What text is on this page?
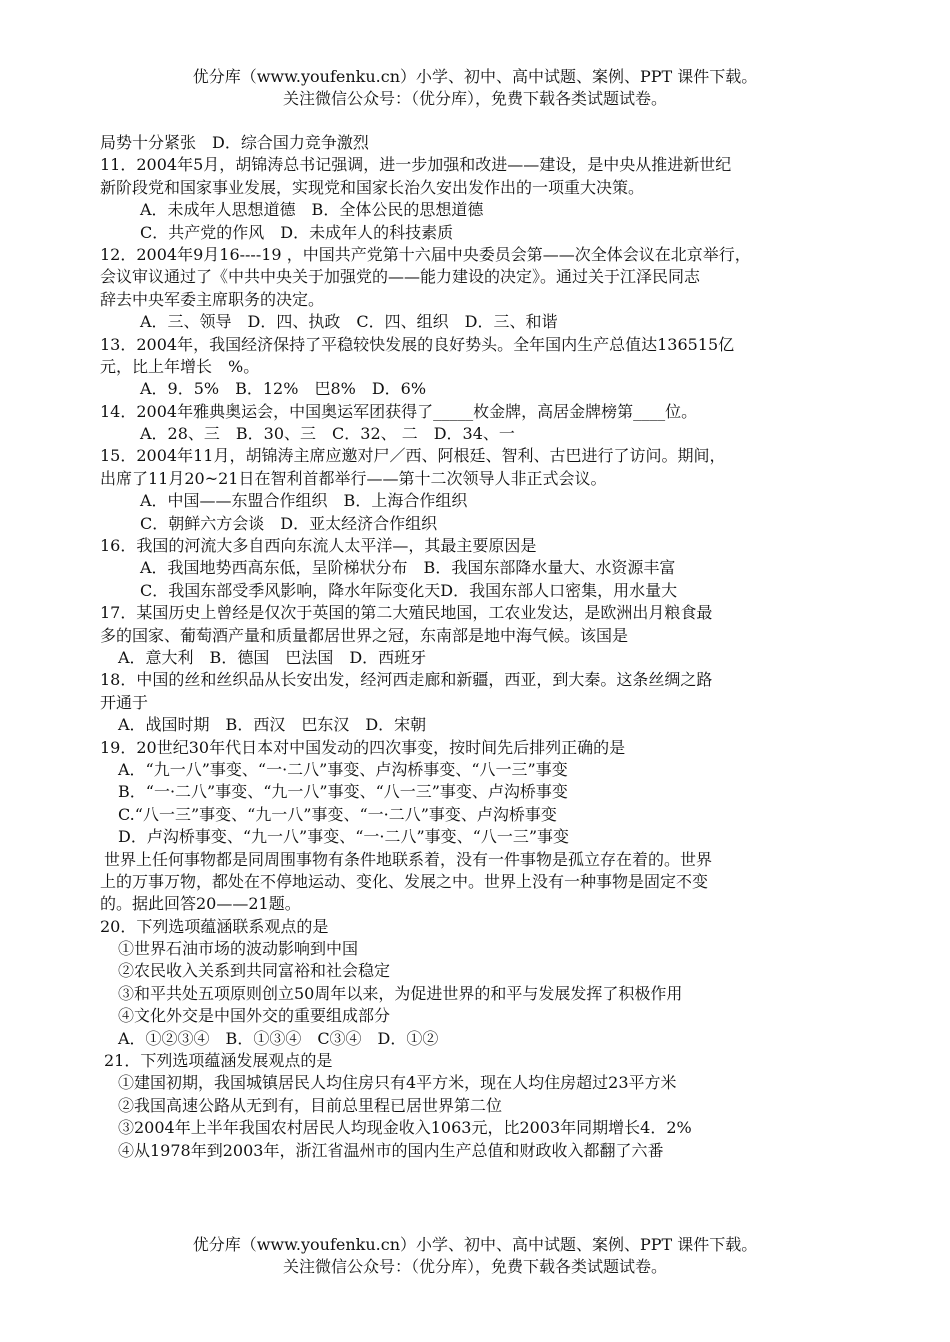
优分库（www.youfenku.cn）小学、初中、高中试题、案例、PPT 课件下载。
关注微信公众号：（优分库），免费下载各类试题试卷。
局势十分紧张　D．综合国力竞争激烈
11．2004年5月，胡锦涛总书记强调，进一步加强和改进——建设，是中央从推进新世纪
新阶段党和国家事业发展，实现党和国家长治久安出发作出的一项重大决策。
A．未成年人思想道德　B．全体公民的思想道德
C．共产党的作风　D．未成年人的科技素质
12．2004年9月16----19 ，中国共产党第十六届中央委员会第——次全体会议在北京举行，
会议审议通过了《中共中央关于加强党的——能力建设的决定》。通过关于江泽民同志
辞去中央军委主席职务的决定。
A．三、领导　D．四、执政　C．四、组织　D．三、和谐
13．2004年，我国经济保持了平稳较快发展的良好势头。全年国内生产总值达136515亿
元，比上年增长　%。
A．9．5%　B．12%　巴8%　D．6%
14．2004年雅典奥运会，中国奥运军团获得了_____枚金牌，高居金牌榜第____位。
A．28、三　B．30、三　C．32、 二　D．34、一
15．2004年11月，胡锦涛主席应邀对尸／西、阿根廷、智利、古巴进行了访问。期间，
出席了11月20~21日在智利首都举行——第十二次领导人非正式会议。
A．中国——东盟合作组织　B．上海合作组织
C．朝鲜六方会谈　D．亚太经济合作组织
16．我国的河流大多自西向东流人太平洋—，其最主要原因是
A．我国地势西高东低，呈阶梯状分布　B．我国东部降水量大、水资源丰富
C．我国东部受季风影响，降水年际变化天D．我国东部人口密集，用水量大
17．某国历史上曾经是仅次于英国的第二大殖民地国，工农业发达，是欧洲出月粮食最
多的国家、葡萄酒产量和质量都居世界之冠，东南部是地中海气候。该国是
A．意大利　B．德国　巴法国　D．西班牙
18．中国的丝和丝织品从长安出发，经河西走廊和新疆，西亚，到大秦。这条丝绸之路
开通于
A．战国时期　B．西汉　巴东汉　D．宋朝
19．20世纪30年代日本对中国发动的四次事变，按时间先后排列正确的是
A．“九一八”事变、“一·二八”事变、卢沟桥事变、“八一三”事变
B．“一·二八”事变、“九一八”事变、“八一三”事变、卢沟桥事变
C.“八一三”事变、“九一八”事变、“一·二八”事变、卢沟桥事变
D．卢沟桥事变、“九一八”事变、“一·二八”事变、“八一三”事变
世界上任何事物都是同周围事物有条件地联系着，没有一件事物是孤立存在着的。世界
上的万事万物，都处在不停地运动、变化、发展之中。世界上没有一种事物是固定不变
的。据此回答20——21题。
20．下列选项蕴涵联系观点的是
①世界石油市场的波动影响到中国
②农民收入关系到共同富裕和社会稳定
③和平共处五项原则创立50周年以来，为促进世界的和平与发展发挥了积极作用
④文化外交是中国外交的重要组成部分
A．①②③④　B．①③④　C③④　D．①②
21．下列选项蕴涵发展观点的是
①建国初期，我国城镇居民人均住房只有4平方米，现在人均住房超过23平方米
②我国高速公路从无到有，目前总里程已居世界第二位
③2004年上半年我国农村居民人均现金收入1063元，比2003年同期增长4．2%
④从1978年到2003年，浙江省温州市的国内生产总值和财政收入都翻了六番
优分库（www.youfenku.cn）小学、初中、高中试题、案例、PPT 课件下载。
关注微信公众号：（优分库），免费下载各类试题试卷。
